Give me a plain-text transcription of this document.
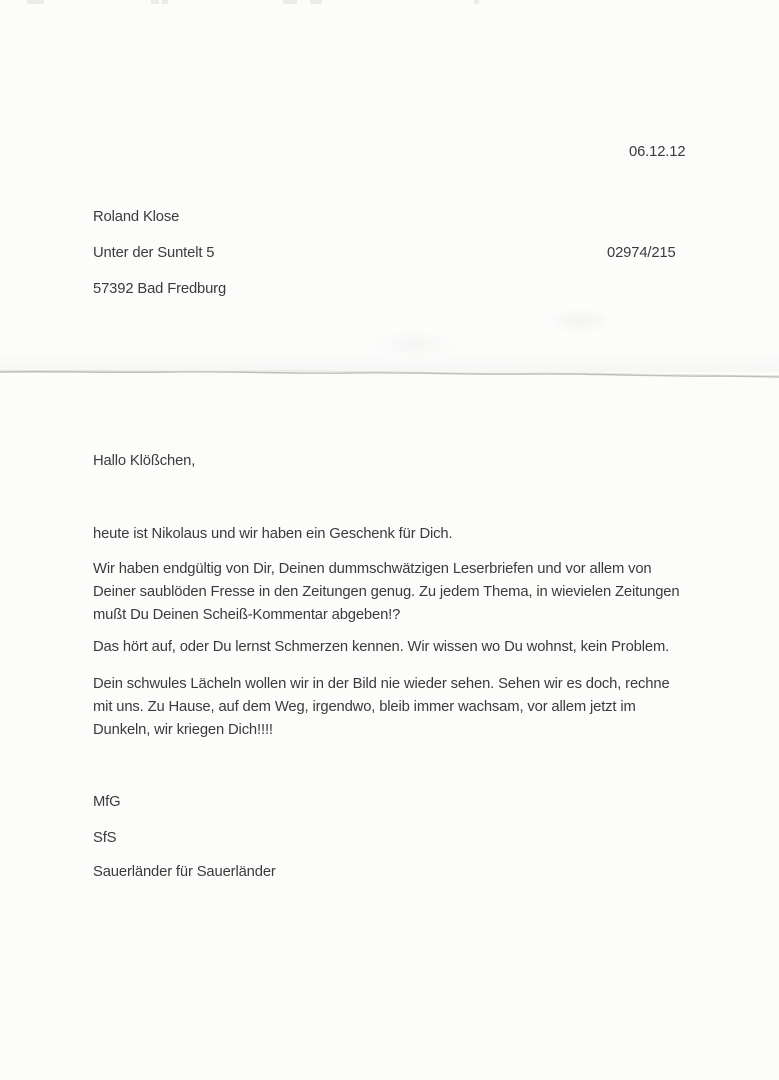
06.12.12
Roland Klose
Unter der Suntelt 5
57392 Bad Fredburg
02974/215
Hallo Klößchen,
heute ist Nikolaus und wir haben ein Geschenk für Dich.
Wir haben endgültig von Dir, Deinen dummschwätzigen Leserbriefen und vor allem von
Deiner saublöden Fresse in den Zeitungen genug. Zu jedem Thema, in wievielen Zeitungen
mußt Du Deinen Scheiß-Kommentar abgeben!?
Das hört auf, oder Du lernst Schmerzen kennen. Wir wissen wo Du wohnst, kein Problem.
Dein schwules Lächeln wollen wir in der Bild nie wieder sehen. Sehen wir es doch, rechne
mit uns. Zu Hause, auf dem Weg, irgendwo, bleib immer wachsam, vor allem jetzt im
Dunkeln, wir kriegen Dich!!!!
MfG
SfS
Sauerländer für Sauerländer
